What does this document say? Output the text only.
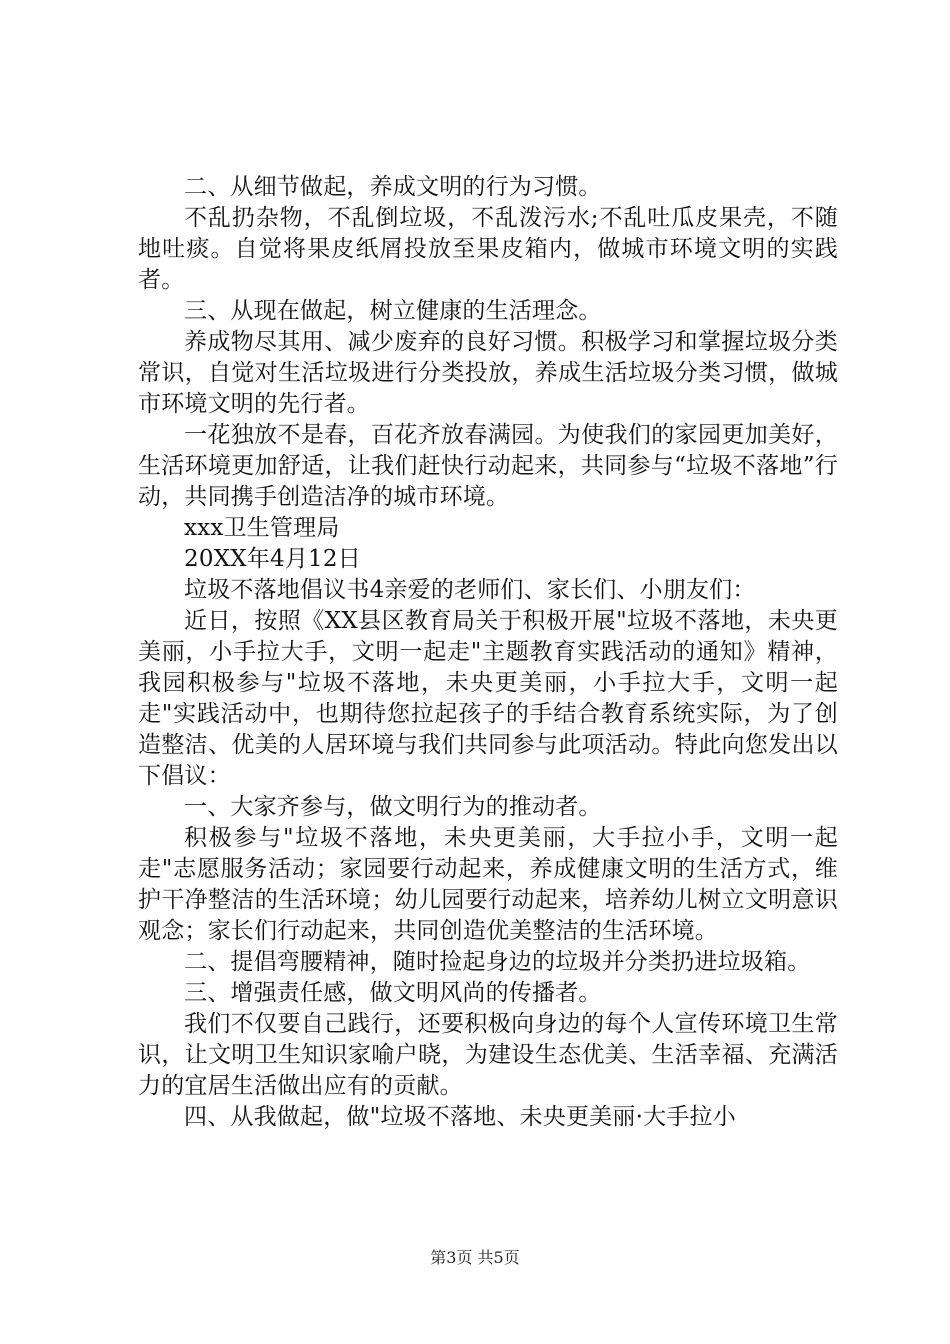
二、从细节做起，养成文明的行为习惯。

不乱扔杂物，不乱倒垃圾，不乱泼污水;不乱吐瓜皮果壳，不随地吐痰。自觉将果皮纸屑投放至果皮箱内，做城市环境文明的实践者。

三、从现在做起，树立健康的生活理念。

养成物尽其用、减少废弃的良好习惯。积极学习和掌握垃圾分类常识，自觉对生活垃圾进行分类投放，养成生活垃圾分类习惯，做城市环境文明的先行者。

一花独放不是春，百花齐放春满园。为使我们的家园更加美好，生活环境更加舒适，让我们赶快行动起来，共同参与“垃圾不落地”行动，共同携手创造洁净的城市环境。

xxx卫生管理局

20XX年4月12日

垃圾不落地倡议书4亲爱的老师们、家长们、小朋友们：

近日，按照《XX县区教育局关于积极开展"垃圾不落地，未央更美丽，小手拉大手，文明一起走"主题教育实践活动的通知》精神，我园积极参与"垃圾不落地，未央更美丽，小手拉大手，文明一起走"实践活动中，也期待您拉起孩子的手结合教育系统实际，为了创造整洁、优美的人居环境与我们共同参与此项活动。特此向您发出以下倡议：

一、大家齐参与，做文明行为的推动者。

积极参与"垃圾不落地，未央更美丽，大手拉小手，文明一起走"志愿服务活动；家园要行动起来，养成健康文明的生活方式，维护干净整洁的生活环境；幼儿园要行动起来，培养幼儿树立文明意识观念；家长们行动起来，共同创造优美整洁的生活环境。

二、提倡弯腰精神，随时捡起身边的垃圾并分类扔进垃圾箱。

三、增强责任感，做文明风尚的传播者。

我们不仅要自己践行，还要积极向身边的每个人宣传环境卫生常识，让文明卫生知识家喻户晓，为建设生态优美、生活幸福、充满活力的宜居生活做出应有的贡献。

四、从我做起，做"垃圾不落地、未央更美丽·大手拉小

第3页 共5页
